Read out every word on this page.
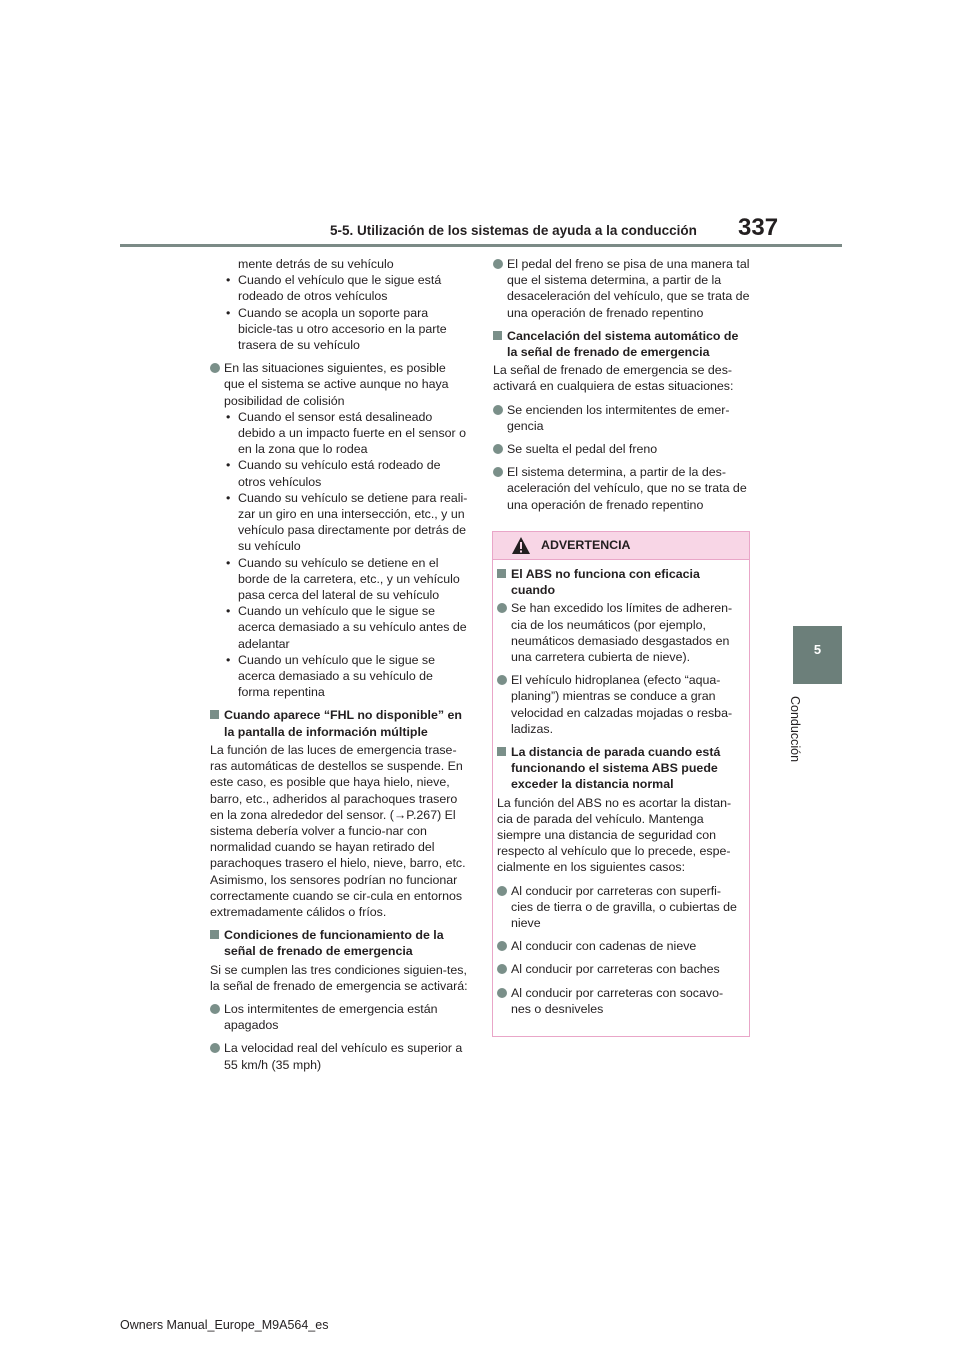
5-5. Utilización de los sistemas de ayuda a la conducción 337
5
Conducción

mente detrás de su vehículo

• Cuando el vehículo que le sigue está rodeado de otros vehículos
• Cuando se acopla un soporte para bicicle-tas u otro accesorio en la parte trasera de su vehículo
En las situaciones siguientes, es posible que el sistema se active aunque no haya posibilidad de colisión
• Cuando el sensor está desalineado debido a un impacto fuerte en el sensor o en la zona que lo rodea
• Cuando su vehículo está rodeado de otros vehículos
• Cuando su vehículo se detiene para reali-zar un giro en una intersección, etc., y un vehículo pasa directamente por detrás de su vehículo
• Cuando su vehículo se detiene en el borde de la carretera, etc., y un vehículo pasa cerca del lateral de su vehículo
• Cuando un vehículo que le sigue se acerca demasiado a su vehículo antes de adelantar
• Cuando un vehículo que le sigue se acerca demasiado a su vehículo de forma repentina
Cuando aparece “FHL no disponible” en la pantalla de información múltiple

La función de las luces de emergencia trase-ras automáticas de destellos se suspende. En este caso, es posible que haya hielo, nieve, barro, etc., adheridos al parachoques trasero en la zona alrededor del sensor. (→P.267) El sistema debería volver a funcio-nar con normalidad cuando se hayan retirado del parachoques trasero el hielo, nieve, barro, etc. Asimismo, los sensores podrían no funcionar correctamente cuando se cir-cula en entornos extremadamente cálidos o fríos.

Condiciones de funcionamiento de la señal de frenado de emergencia

Si se cumplen las tres condiciones siguien-tes, la señal de frenado de emergencia se activará:

Los intermitentes de emergencia están apagados
La velocidad real del vehículo es superior a 55 km/h (35 mph)
El pedal del freno se pisa de una manera tal que el sistema determina, a partir de la desaceleración del vehículo, que se trata de una operación de frenado repentino
Cancelación del sistema automático de la señal de frenado de emergencia

La señal de frenado de emergencia se des-activará en cualquiera de estas situaciones:

Se encienden los intermitentes de emer-gencia
Se suelta el pedal del freno
El sistema determina, a partir de la des-aceleración del vehículo, que no se trata de una operación de frenado repentino
ADVERTENCIA
El ABS no funciona con eficacia cuando
Se han excedido los límites de adheren-cia de los neumáticos (por ejemplo, neumáticos demasiado desgastados en una carretera cubierta de nieve).
El vehículo hidroplanea (efecto “aqua-planing”) mientras se conduce a gran velocidad en calzadas mojadas o resba-ladizas.
La distancia de parada cuando está funcionando el sistema ABS puede exceder la distancia normal

La función del ABS no es acortar la distan-cia de parada del vehículo. Mantenga siempre una distancia de seguridad con respecto al vehículo que lo precede, espe-cialmente en los siguientes casos:

Al conducir por carreteras con superfi-cies de tierra o de gravilla, o cubiertas de nieve
Al conducir con cadenas de nieve
Al conducir por carreteras con baches
Al conducir por carreteras con socavo-nes o desniveles
Owners Manual_Europe_M9A564_es
